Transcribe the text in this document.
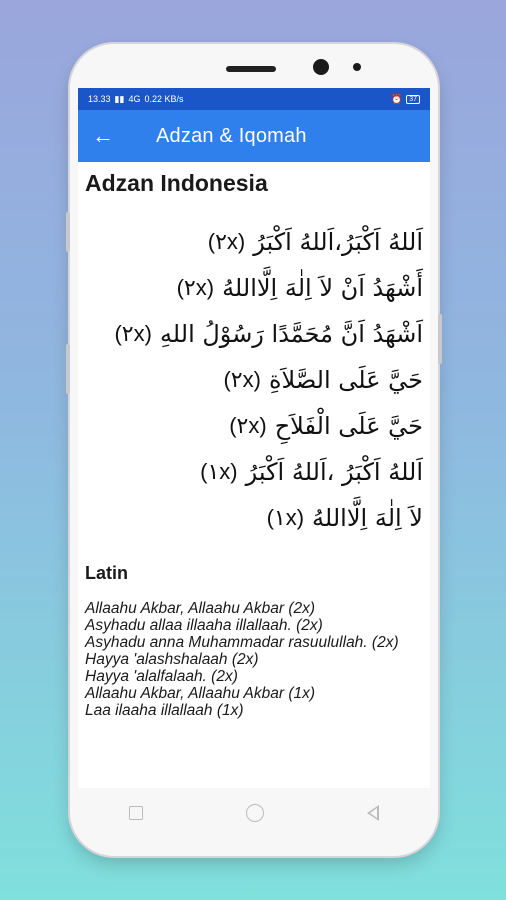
13.33 ▮▮ 4G 0.22 KB/s	⏰	37
←	Adzan & Iqomah
Adzan Indonesia
اَللهُ اَكْبَرُ،اَللهُ اَكْبَرُ
(٢x)
أَشْهَدُ اَنْ لاَ اِلٰهَ اِلَّااللهُ
(٢x)
اَشْهَدُ اَنَّ مُحَمَّدًا رَسُوْلُ اللهِ
(٢x)
حَيَّ عَلَى الصَّلاَةِ
(٢x)
حَيَّ عَلَى الْفَلاَحِ
(٢x)
اَللهُ اَكْبَرُ ،اَللهُ اَكْبَرُ
(١x)
لاَ اِلٰهَ اِلَّااللهُ
(١x)
Latin

Allaahu Akbar, Allaahu Akbar (2x)

Asyhadu allaa illaaha illallaah. (2x)

Asyhadu anna Muhammadar rasuulullah. (2x)

Hayya 'alashshalaah (2x)

Hayya 'alalfalaah. (2x)

Allaahu Akbar, Allaahu Akbar (1x)

Laa ilaaha illallaah (1x)
